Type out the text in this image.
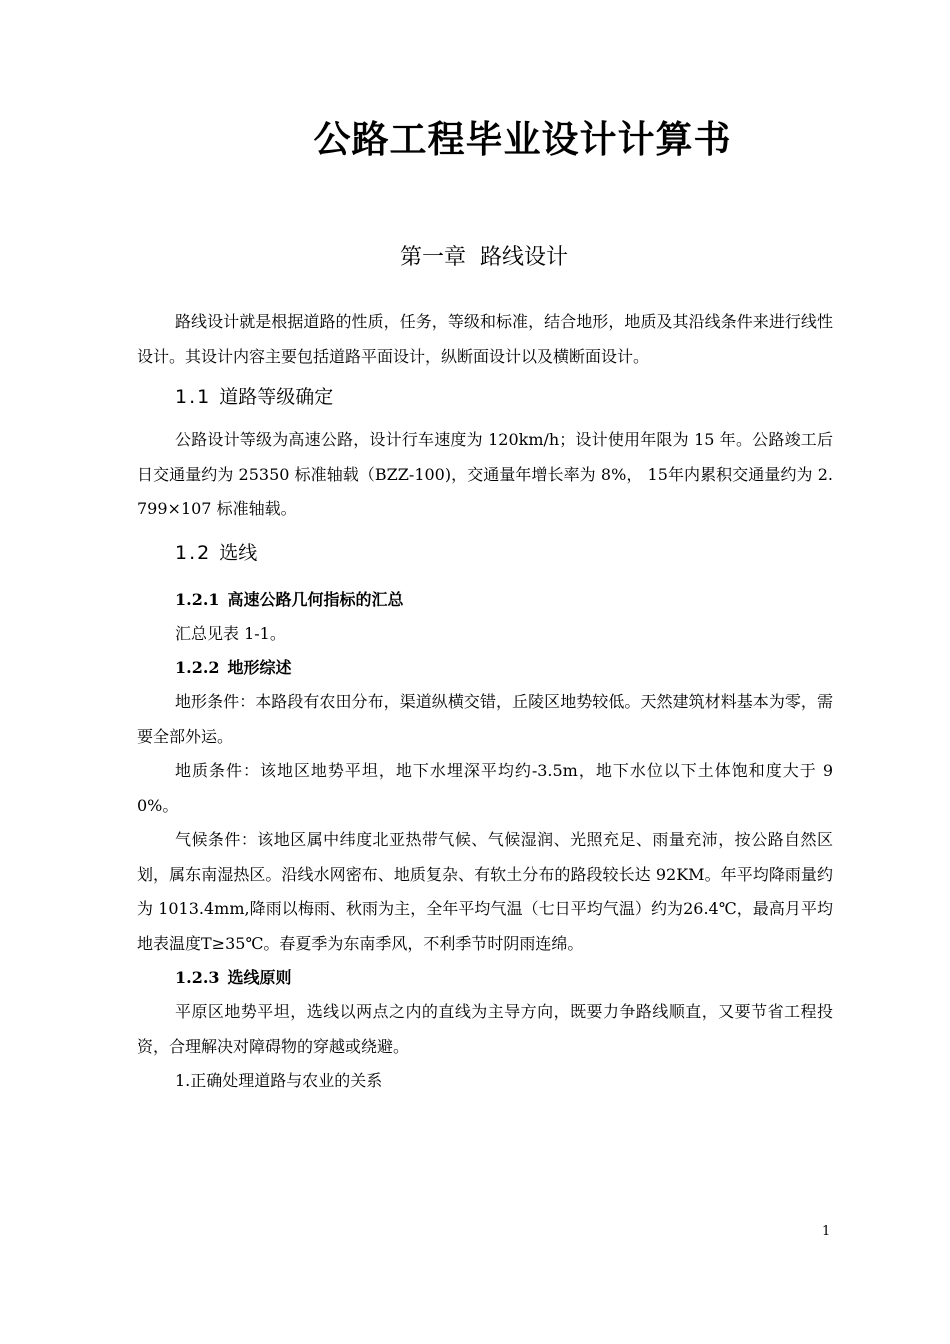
公路工程毕业设计计算书
第一章 路线设计

路线设计就是根据道路的性质，任务，等级和标准，结合地形，地质及其沿线条件来进行线性设计。其设计内容主要包括道路平面设计，纵断面设计以及横断面设计。

1.1 道路等级确定

公路设计等级为高速公路，设计行车速度为 120km/h；设计使用年限为 15 年。公路竣工后日交通量约为 25350 标准轴载（BZZ-100)，交通量年增长率为 8%， 15年内累积交通量约为 2.799×107 标准轴载。

1.2 选线
1.2.1 高速公路几何指标的汇总

汇总见表 1-1。

1.2.2 地形综述

地形条件：本路段有农田分布，渠道纵横交错，丘陵区地势较低。天然建筑材料基本为零，需要全部外运。

地质条件：该地区地势平坦，地下水埋深平均约-3.5m，地下水位以下土体饱和度大于 90%。

气候条件：该地区属中纬度北亚热带气候、气候湿润、光照充足、雨量充沛，按公路自然区划，属东南湿热区。沿线水网密布、地质复杂、有软土分布的路段较长达 92KM。年平均降雨量约为 1013.4mm,降雨以梅雨、秋雨为主，全年平均气温（七日平均气温）约为26.4℃，最高月平均地表温度T≥35℃。春夏季为东南季风，不利季节时阴雨连绵。

1.2.3 选线原则

平原区地势平坦，选线以两点之内的直线为主导方向，既要力争路线顺直，又要节省工程投资，合理解决对障碍物的穿越或绕避。

1.正确处理道路与农业的关系

1
